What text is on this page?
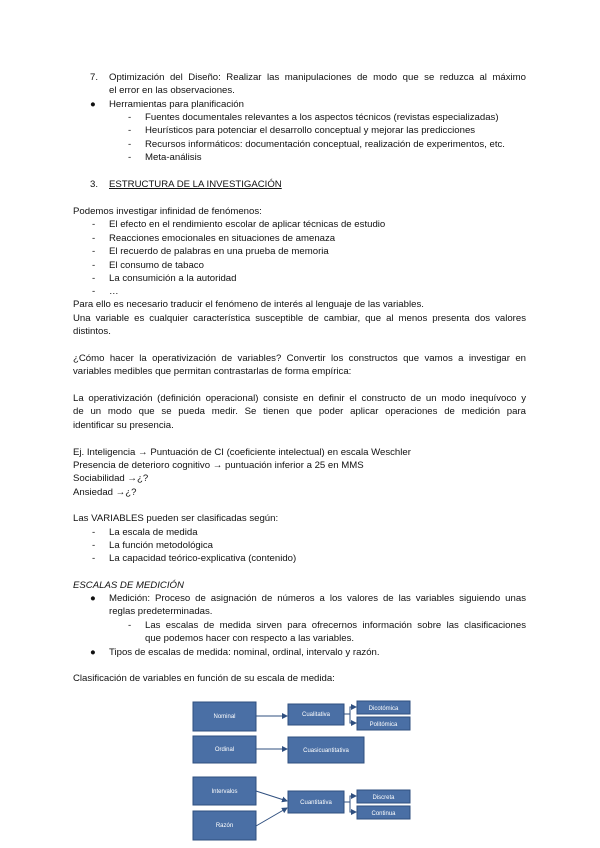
7. Optimización del Diseño: Realizar las manipulaciones de modo que se reduzca al máximo
el error en las observaciones.
● Herramientas para planificación
- Fuentes documentales relevantes a los aspectos técnicos (revistas especializadas)
- Heurísticos para potenciar el desarrollo conceptual y mejorar las predicciones
- Recursos informáticos: documentación conceptual, realización de experimentos, etc.
- Meta-análisis
3. ESTRUCTURA DE LA INVESTIGACIÓN
Podemos investigar infinidad de fenómenos:
- El efecto en el rendimiento escolar de aplicar técnicas de estudio
- Reacciones emocionales en situaciones de amenaza
- El recuerdo de palabras en una prueba de memoria
- El consumo de tabaco
- La consumición a la autoridad
- …
Para ello es necesario traducir el fenómeno de interés al lenguaje de las variables.
Una variable es cualquier característica susceptible de cambiar, que al menos presenta dos valores
distintos.
¿Cómo hacer la operativización de variables? Convertir los constructos que vamos a investigar en
variables medibles que permitan contrastarlas de forma empírica:
La operativización (definición operacional) consiste en definir el constructo de un modo inequívoco y
de un modo que se pueda medir. Se tienen que poder aplicar operaciones de medición para
identificar su presencia.
Ej. Inteligencia → Puntuación de CI (coeficiente intelectual) en escala Weschler
Presencia de deterioro cognitivo → puntuación inferior a 25 en MMS
Sociabilidad →¿?
Ansiedad →¿?
Las VARIABLES pueden ser clasificadas según:
- La escala de medida
- La función metodológica
- La capacidad teórico-explicativa (contenido)
ESCALAS DE MEDICIÓN
● Medición: Proceso de asignación de números a los valores de las variables siguiendo unas
reglas predeterminadas.
- Las escalas de medida sirven para ofrecernos información sobre las clasificaciones
que podemos hacer con respecto a las variables.
● Tipos de escalas de medida: nominal, ordinal, intervalo y razón.
Clasificación de variables en función de su escala de medida:
Nominal
Ordinal
Intervalos
Razón
Cualitativa
Cuasicuantitativa
Cuantitativa
Dicotómica
Politómica
Discreta
Continua
